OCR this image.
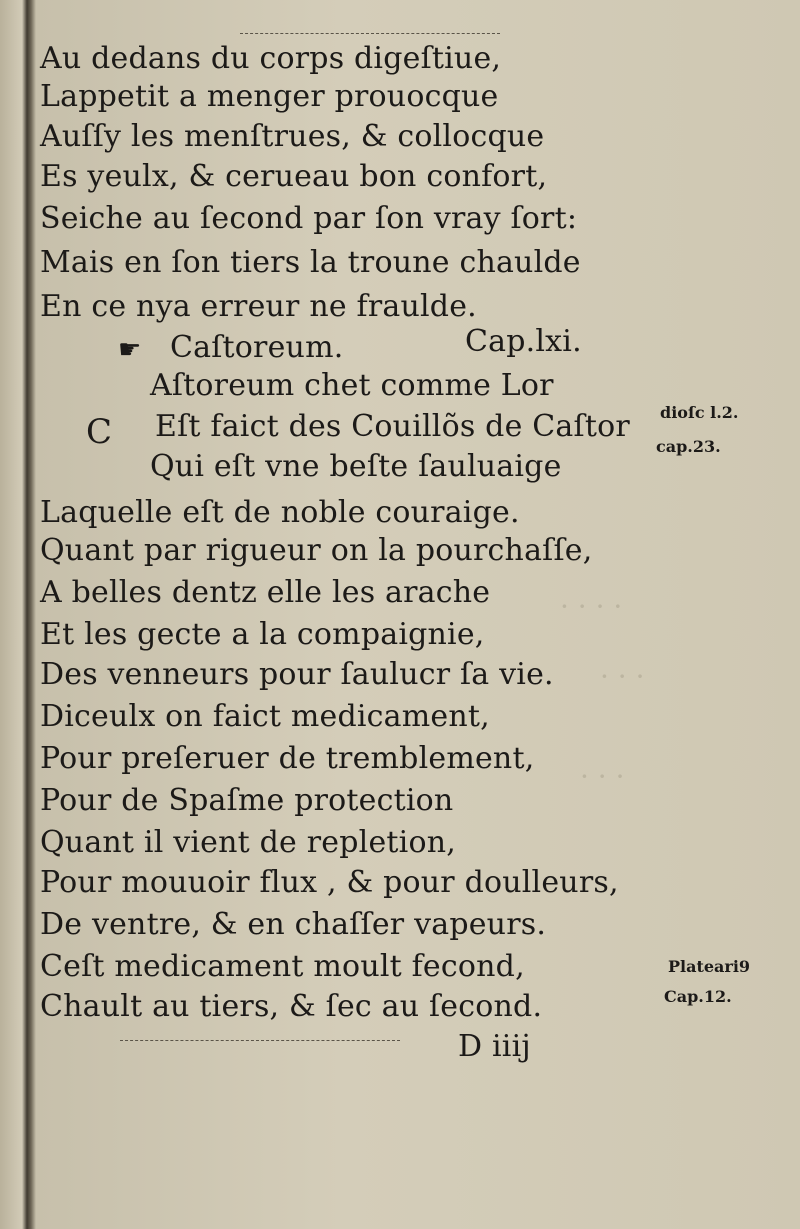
· · · ·
· · ·
· · ·
Au dedans du corps digeſtiue,
Lappetit a menger prouocque
Auſſy les menſtrues, & collocque
Es yeulx, & cerueau bon confort,
Seiche au ſecond par ſon vray ſort:
Mais en ſon tiers la troune chaulde
En ce nya erreur ne fraulde.
☛ Caſtoreum.	Cap.lxi.
Aſtoreum chet comme Lor
C Eſt faict des Couillõs de Caſtor
Qui eſt vne beſte ſauluaige
dioſc l.2.
cap.23.
Laquelle eſt de noble couraige.
Quant par rigueur on la pourchaſſe,
A belles dentz elle les arache
Et les gecte a la compaignie,
Des venneurs pour ſaulucr ſa vie.
Diceulx on faict medicament,
Pour preſeruer de tremblement,
Pour de Spaſme protection
Quant il vient de repletion,
Pour mouuoir flux , & pour doulleurs,
De ventre, & en chaſſer vapeurs.
Ceſt medicament moult fecond,
Chault au tiers, & ſec au ſecond.
Plateari9
Cap.12.
D iiij
